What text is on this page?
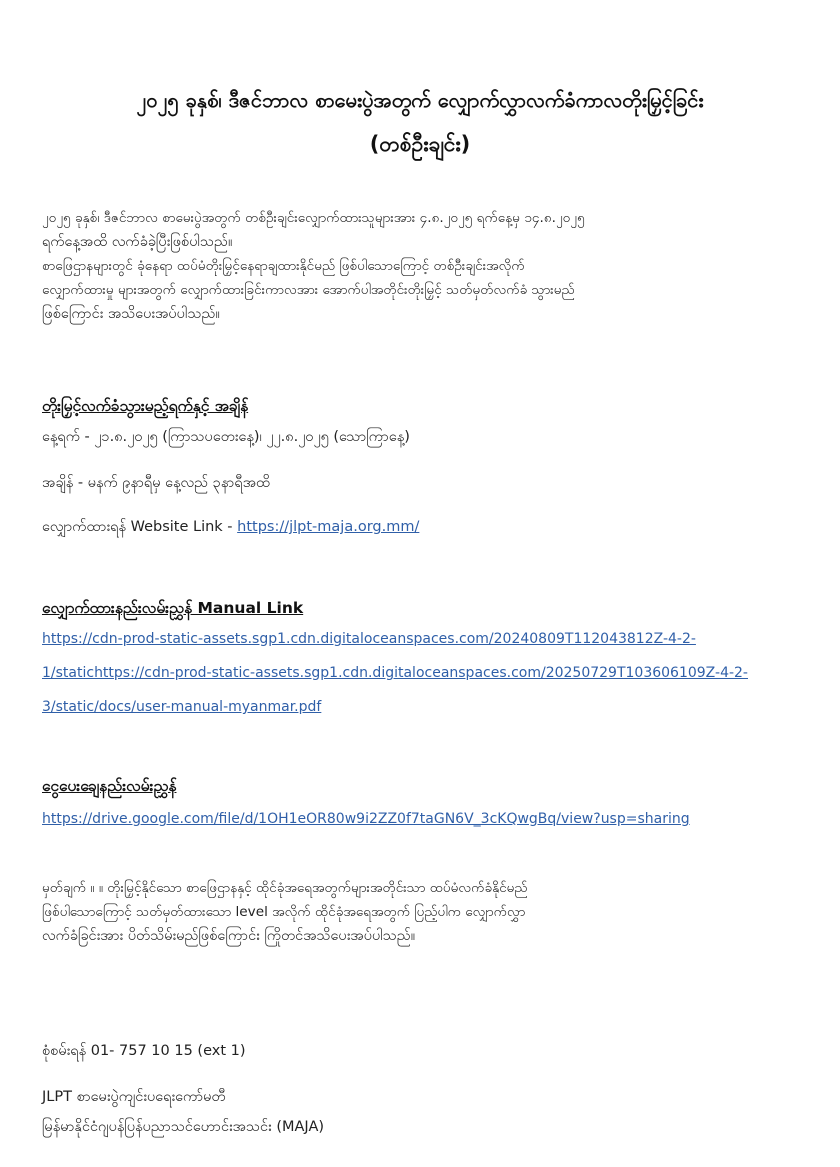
၂၀၂၅ ခုနှစ်၊ ဒီဇင်ဘာလ စာမေးပွဲအတွက် လျှောက်လွှာလက်ခံကာလတိုးမြှင့်ခြင်း
(တစ်ဦးချင်း)
၂၀၂၅ ခုနှစ်၊ ဒီဇင်ဘာလ စာမေးပွဲအတွက် တစ်ဦးချင်းလျှောက်ထားသူများအား ၄.၈.၂၀၂၅ ရက်နေ့မှ ၁၄.၈.၂၀၂၅
ရက်နေ့အထိ လက်ခံခဲ့ပြီးဖြစ်ပါသည်။
စာဖြေဌာနများတွင် ခုံနေရာ ထပ်မံတိုးမြှင့်နေရာချထားနိုင်မည် ဖြစ်ပါသောကြောင့် တစ်ဦးချင်းအလိုက်
လျှောက်ထားမှု များအတွက် လျှောက်ထားခြင်းကာလအား အောက်ပါအတိုင်းတိုးမြှင့် သတ်မှတ်လက်ခံ သွားမည်
ဖြစ်ကြောင်း အသိပေးအပ်ပါသည်။
တိုးမြှင့်လက်ခံသွားမည့်ရက်နှင့် အချိန်
နေ့ရက် - ၂၁.၈.၂၀၂၅ (ကြာသပတေးနေ့)၊ ၂၂.၈.၂၀၂၅ (သောကြာနေ့)
အချိန် - မနက် ၉နာရီမှ နေ့လည် ၃နာရီအထိ
လျှောက်ထားရန် Website Link - https://jlpt-maja.org.mm/
လျှောက်ထားနည်းလမ်းညွှန် Manual Link
https://cdn-prod-static-assets.sgp1.cdn.digitaloceanspaces.com/20240809T112043812Z-4-2-
1/statichttps://cdn-prod-static-assets.sgp1.cdn.digitaloceanspaces.com/20250729T103606109Z-4-2-
3/static/docs/user-manual-myanmar.pdf
ငွေပေးချေနည်းလမ်းညွှန်
https://drive.google.com/file/d/1OH1eOR80w9i2ZZ0f7taGN6V_3cKQwgBq/view?usp=sharing
မှတ်ချက် ။ ။ တိုးမြှင့်နိုင်သော စာဖြေဌာနနှင့် ထိုင်ခုံအရေအတွက်များအတိုင်းသာ ထပ်မံလက်ခံနိုင်မည်
ဖြစ်ပါသောကြောင့် သတ်မှတ်ထားသော level အလိုက် ထိုင်ခုံအရေအတွက် ပြည့်ပါက လျှောက်လွှာ
လက်ခံခြင်းအား ပိတ်သိမ်းမည်ဖြစ်ကြောင်း ကြိုတင်အသိပေးအပ်ပါသည်။
စုံစမ်းရန် 01- 757 10 15 (ext 1)
JLPT စာမေးပွဲကျင်းပရေးကော်မတီ
မြန်မာနိုင်ငံဂျပန်ပြန်ပညာသင်ဟောင်းအသင်း (MAJA)
